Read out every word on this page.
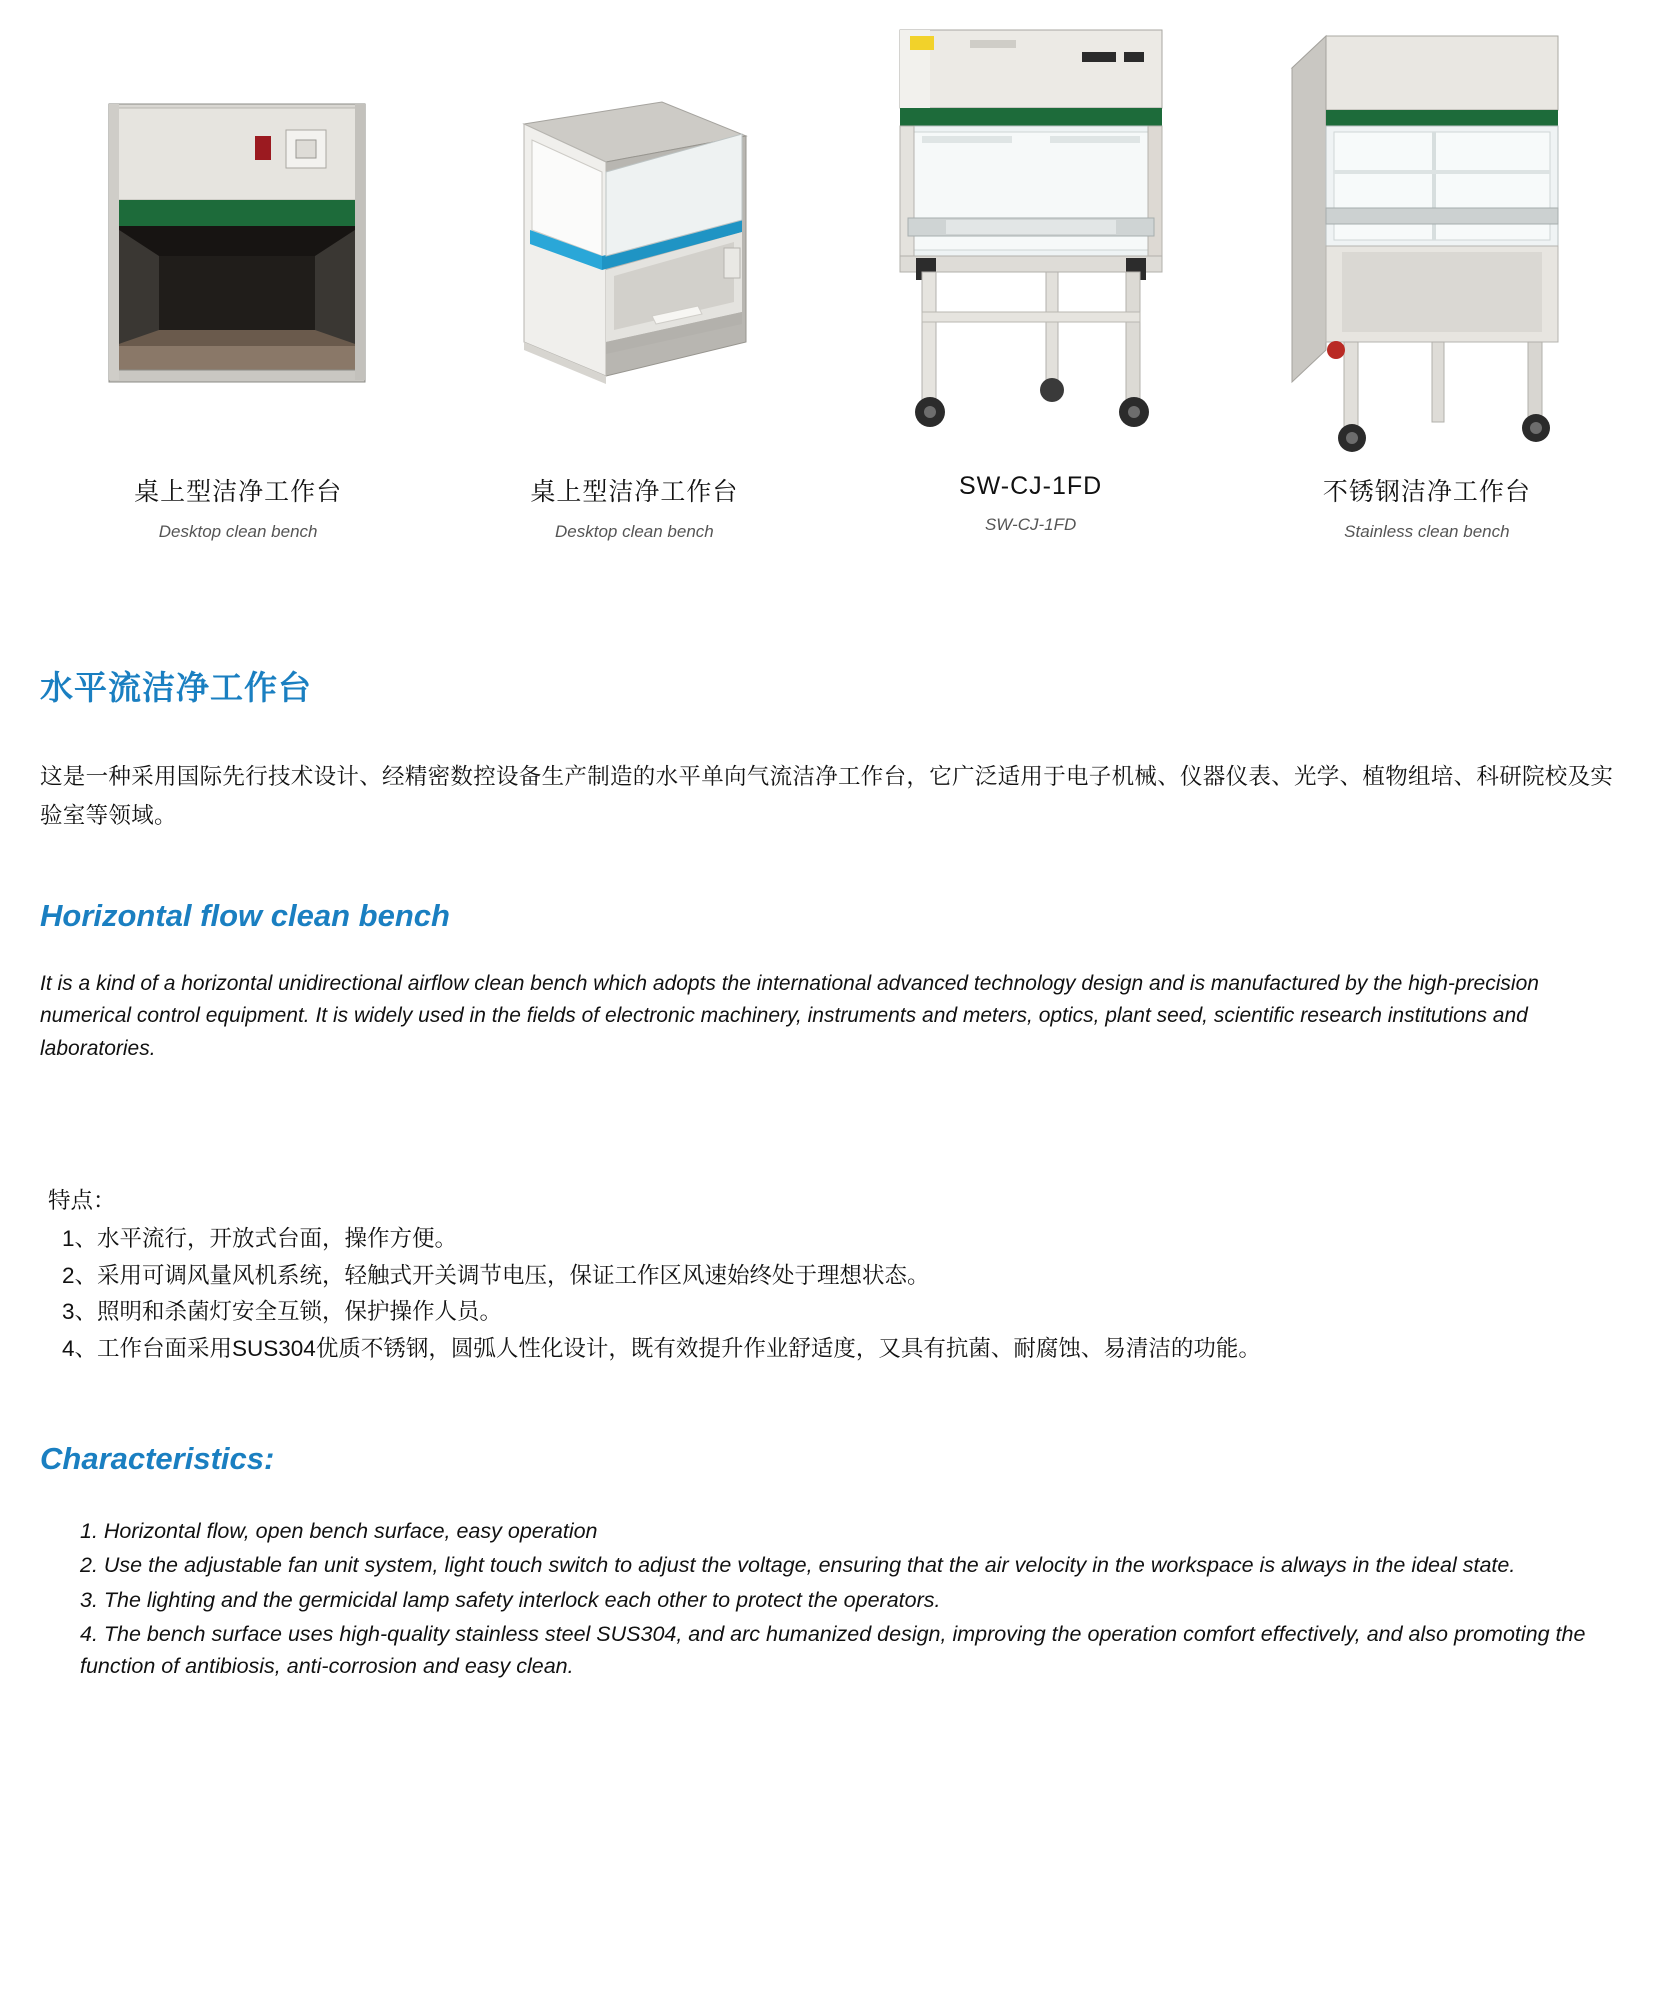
桌上型洁净工作台
Desktop clean bench
桌上型洁净工作台
Desktop clean bench
SW-CJ-1FD
SW-CJ-1FD
不锈钢洁净工作台
Stainless clean bench
水平流洁净工作台

这是一种采用国际先行技术设计、经精密数控设备生产制造的水平单向气流洁净工作台，它广泛适用于电子机械、仪器仪表、光学、植物组培、科研院校及实验室等领域。

Horizontal flow clean bench

It is a kind of a horizontal unidirectional airflow clean bench which adopts the international advanced technology design and is manufactured by the high-precision numerical control equipment. It is widely used in the fields of electronic machinery, instruments and meters, optics, plant seed, scientific research institutions and laboratories.

特点：
1、水平流行，开放式台面，操作方便。
2、采用可调风量风机系统，轻触式开关调节电压，保证工作区风速始终处于理想状态。
3、照明和杀菌灯安全互锁，保护操作人员。
4、工作台面采用SUS304优质不锈钢，圆弧人性化设计，既有效提升作业舒适度，又具有抗菌、耐腐蚀、易清洁的功能。
Characteristics:
1. Horizontal flow, open bench surface, easy operation
2. Use the adjustable fan unit system, light touch switch to adjust the voltage, ensuring that the air velocity in the workspace is always in the ideal state.
3. The lighting and the germicidal lamp safety interlock each other to protect the operators.
4. The bench surface uses high-quality stainless steel SUS304, and arc humanized design, improving the operation comfort effectively, and also promoting the function of antibiosis, anti-corrosion and easy clean.
